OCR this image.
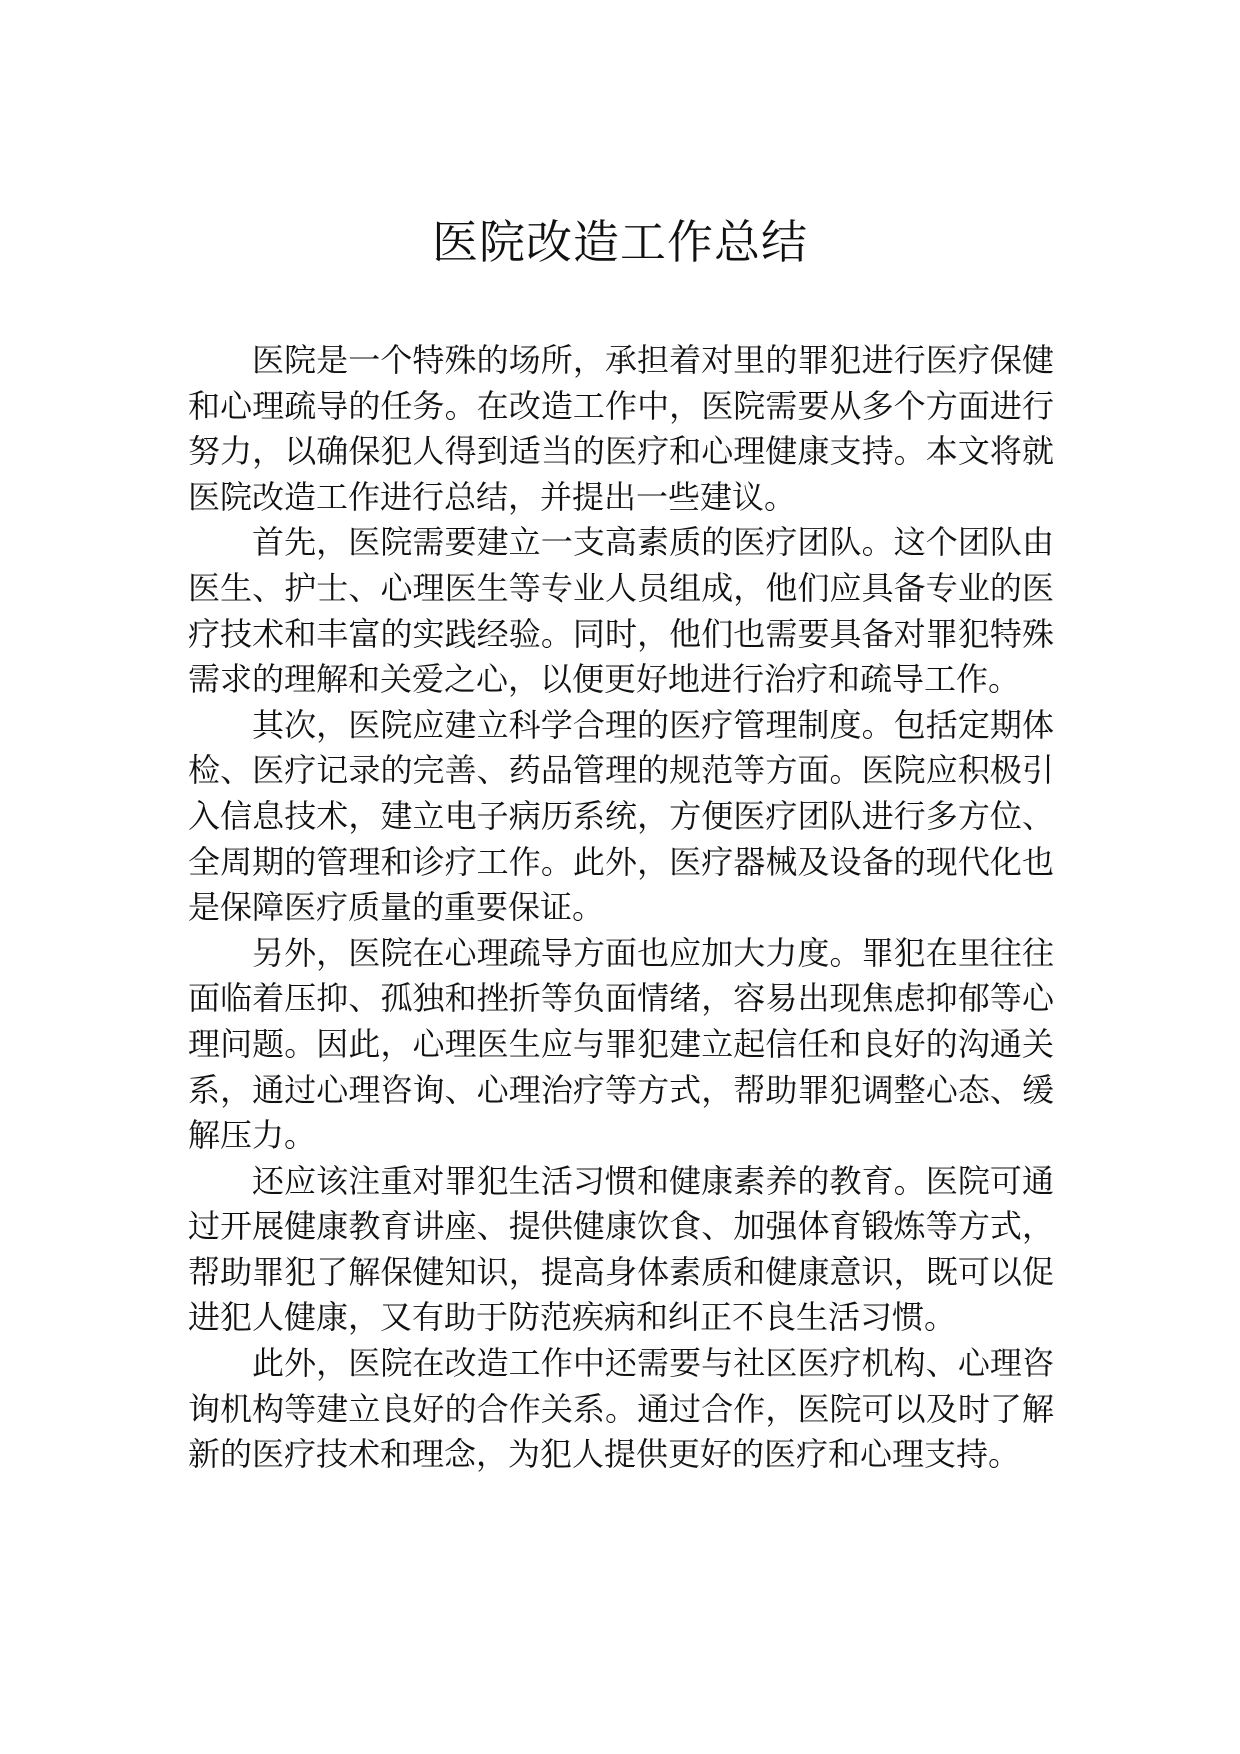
医院改造工作总结

医院是一个特殊的场所，承担着对里的罪犯进行医疗保健和心理疏导的任务。在改造工作中，医院需要从多个方面进行努力，以确保犯人得到适当的医疗和心理健康支持。本文将就医院改造工作进行总结，并提出一些建议。

首先，医院需要建立一支高素质的医疗团队。这个团队由医生、护士、心理医生等专业人员组成，他们应具备专业的医疗技术和丰富的实践经验。同时，他们也需要具备对罪犯特殊需求的理解和关爱之心，以便更好地进行治疗和疏导工作。

其次，医院应建立科学合理的医疗管理制度。包括定期体检、医疗记录的完善、药品管理的规范等方面。医院应积极引入信息技术，建立电子病历系统，方便医疗团队进行多方位、全周期的管理和诊疗工作。此外，医疗器械及设备的现代化也是保障医疗质量的重要保证。

另外，医院在心理疏导方面也应加大力度。罪犯在里往往面临着压抑、孤独和挫折等负面情绪，容易出现焦虑抑郁等心理问题。因此，心理医生应与罪犯建立起信任和良好的沟通关系，通过心理咨询、心理治疗等方式，帮助罪犯调整心态、缓解压力。

还应该注重对罪犯生活习惯和健康素养的教育。医院可通过开展健康教育讲座、提供健康饮食、加强体育锻炼等方式，帮助罪犯了解保健知识，提高身体素质和健康意识，既可以促进犯人健康，又有助于防范疾病和纠正不良生活习惯。

此外，医院在改造工作中还需要与社区医疗机构、心理咨询机构等建立良好的合作关系。通过合作，医院可以及时了解新的医疗技术和理念，为犯人提供更好的医疗和心理支持。
